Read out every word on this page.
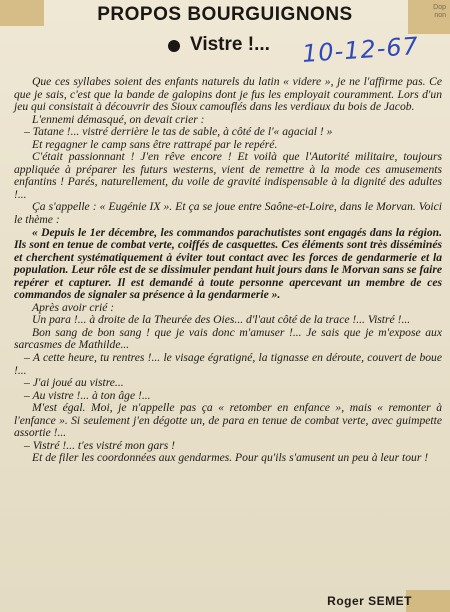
Dop
non
PROPOS BOURGUIGNONS
Vistre !... 10-12-67

Que ces syllabes soient des enfants naturels du latin « videre », je ne l'affirme pas. Ce que je sais, c'est que la bande de galopins dont je fus les employait couramment. Lors d'un jeu qui consistait à découvrir des Sioux camouflés dans les verdiaux du bois de Jacob.

L'ennemi démasqué, on devait crier :

– Tatane !... vistré derrière le tas de sable, à côté de l'« agacial ! »

Et regagner le camp sans être rattrapé par le repéré.

C'était passionnant ! J'en rêve encore ! Et voilà que l'Autorité militaire, toujours appliquée à préparer les futurs westerns, vient de remettre à la mode ces amusements enfantins ! Parés, naturellement, du voile de gravité indispensable à la dignité des adultes !...

Ça s'appelle : « Eugénie IX ». Et ça se joue entre Saône-et-Loire, dans le Morvan. Voici le thème :

« Depuis le 1er décembre, les commandos parachutistes sont engagés dans la région. Ils sont en tenue de combat verte, coiffés de casquettes. Ces éléments sont très disséminés et cherchent systématiquement à éviter tout contact avec les forces de gendarmerie et la population. Leur rôle est de se dissimuler pendant huit jours dans le Morvan sans se faire repérer et capturer. Il est demandé à toute personne apercevant un membre de ces commandos de signaler sa présence à la gendarmerie ».

Après avoir crié :

Un para !... à droite de la Theurée des Oies... d'l'aut côté de la trace !... Vistré !...

Bon sang de bon sang ! que je vais donc m'amuser !... Je sais que je m'expose aux sarcasmes de Mathilde...

– A cette heure, tu rentres !... le visage égratigné, la tignasse en déroute, couvert de boue !...

– J'ai joué au vistre...

– Au vistre !... à ton âge !...

M'est égal. Moi, je n'appelle pas ça « retomber en enfance », mais « remonter à l'enfance ». Si seulement j'en dégotte un, de para en tenue de combat verte, avec guimpette assortie !...

– Vistré !... t'es vistré mon gars !

Et de filer les coordonnées aux gendarmes. Pour qu'ils s'amusent un peu à leur tour !

Roger SEMET
